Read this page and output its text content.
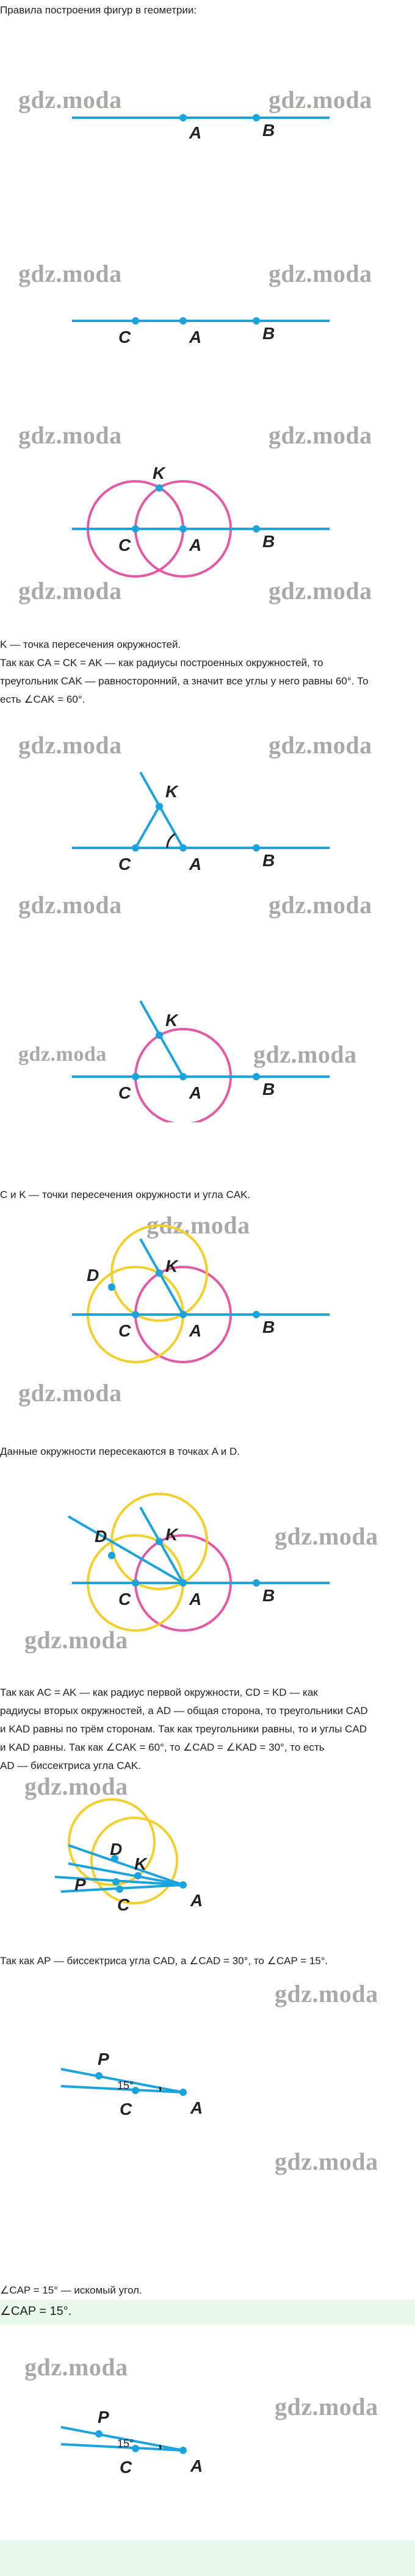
Правила построения фигур в геометрии:

gdz.moda	gdz.moda
A	B
gdz.moda	gdz.moda
C	A	B
gdz.moda	gdz.moda
gdz.moda	gdz.moda
K
C	A	B
K — точка пересечения окружностей.
Так как CA = CK = AK — как радиусы построенных окружностей, то
треугольник CAK — равносторонний, а значит все углы у него равны 60°. То
есть ∠CAK = 60°.
gdz.moda	gdz.moda
gdz.moda	gdz.moda
K
C	A	B
gdz.moda	gdz.moda
K
C	A	B

C и K — точки пересечения окружности и угла CAK.

gdz.moda
gdz.moda
K
D
C	A	B

Данные окружности пересекаются в точках A и D.

gdz.moda
gdz.moda
K
D
C	A	B
Так как AC = AK — как радиус первой окружности, CD = KD — как
радиусы вторых окружностей, а AD — общая сторона, то треугольники CAD
и KAD равны по трём сторонам. Так как треугольники равны, то и углы CAD
и KAD равны. Так как ∠CAK = 60°, то ∠CAD = ∠KAD = 30°, то есть
AD — биссектриса угла CAK.
gdz.moda
D
K
P
C	A

Так как AP — биссектриса угла CAD, а ∠CAD = 30°, то ∠CAP = 15°.

gdz.moda
gdz.moda
P
15°
C	A

∠CAP = 15° — искомый угол.

∠CAP = 15°.

gdz.moda
gdz.moda
P
15°
C	A
